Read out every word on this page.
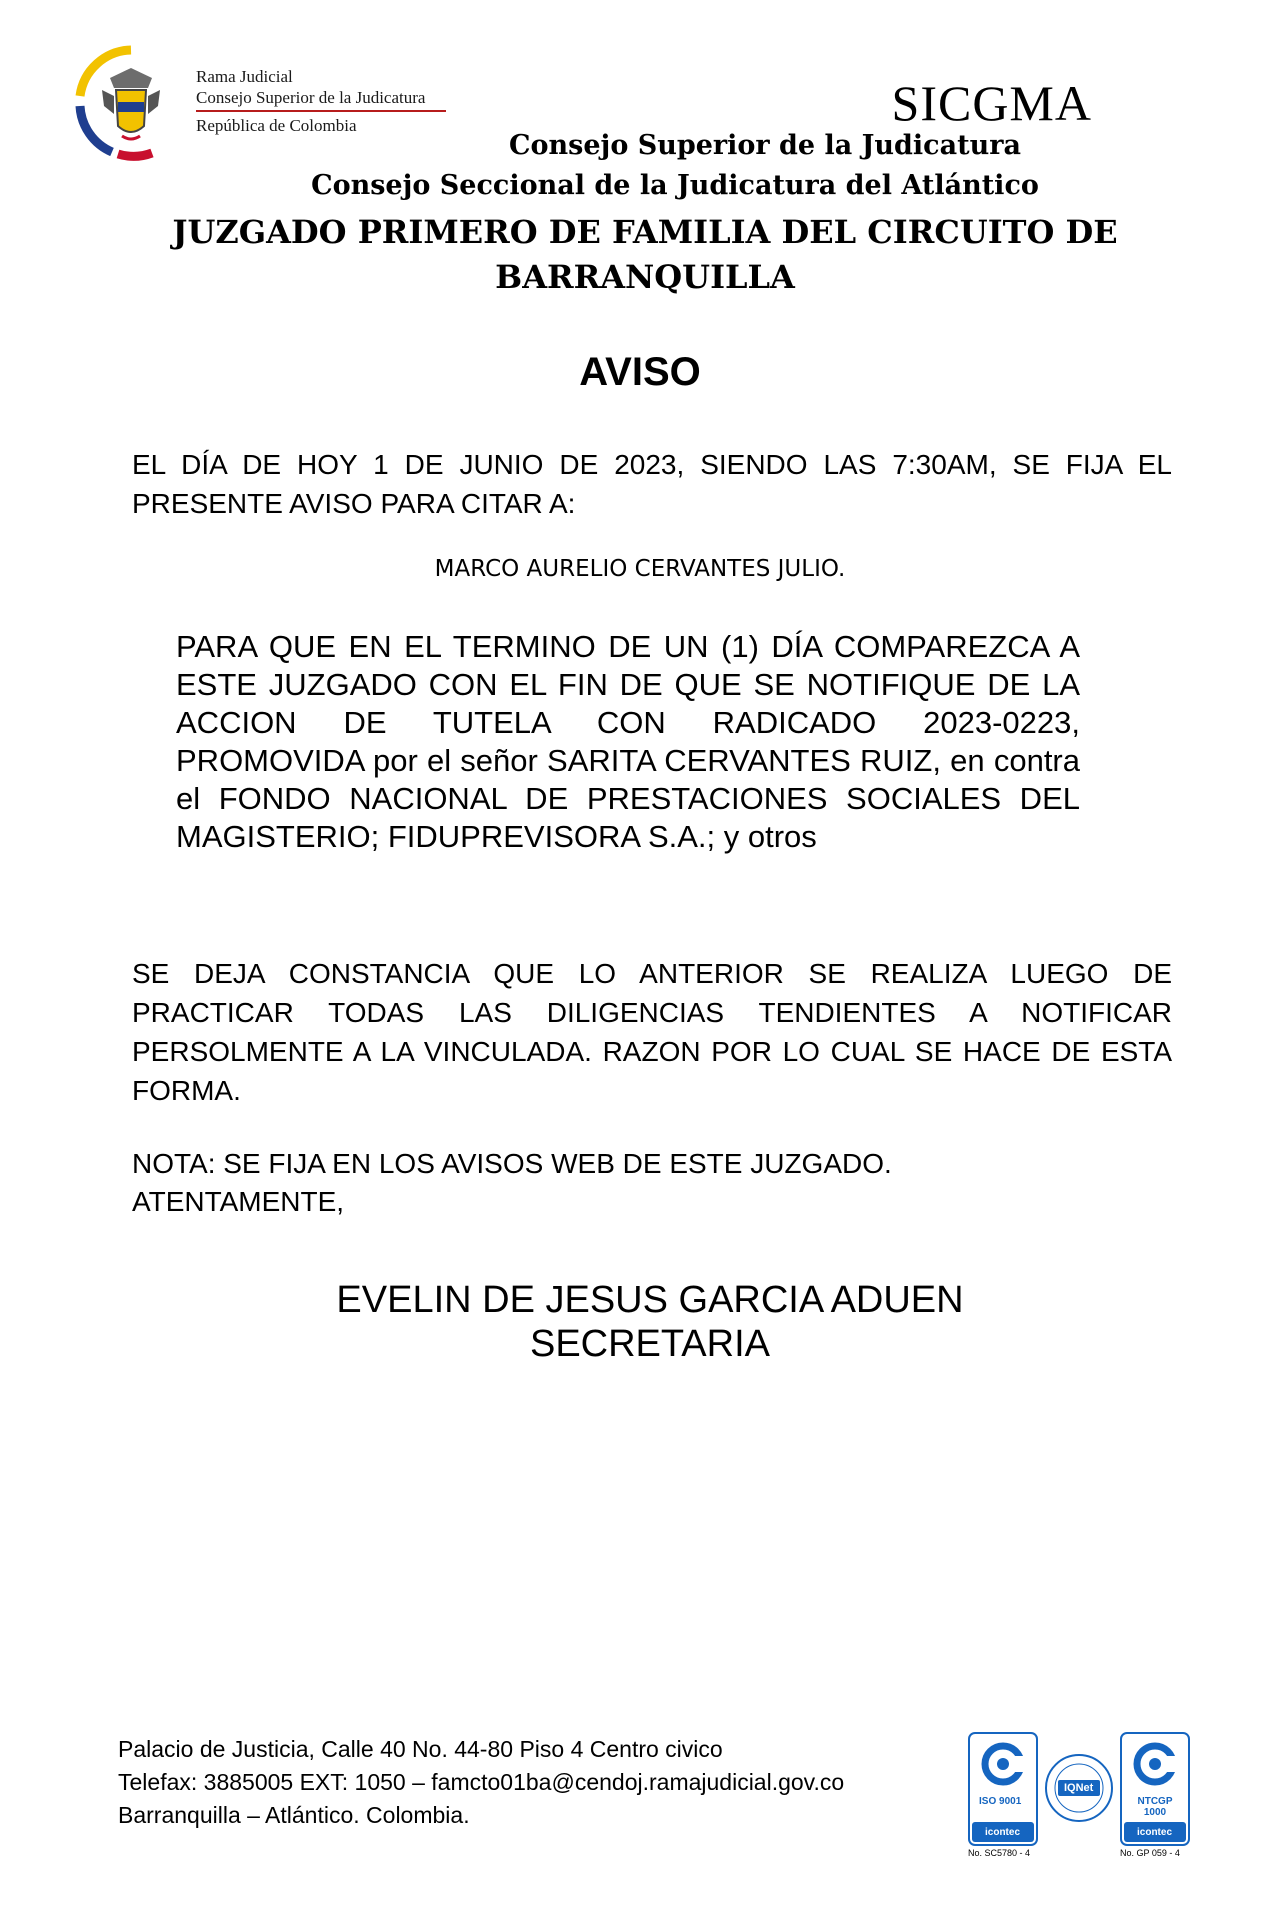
Rama Judicial
Consejo Superior de la Judicatura
República de Colombia	SICGMA
Consejo Superior de la Judicatura
Consejo Seccional de la Judicatura del Atlántico
JUZGADO PRIMERO DE FAMILIA DEL CIRCUITO DE
BARRANQUILLA
AVISO
EL DÍA DE HOY 1 DE JUNIO DE 2023, SIENDO LAS 7:30AM, SE FIJA EL PRESENTE AVISO PARA CITAR A:
MARCO AURELIO CERVANTES JULIO.
PARA QUE EN EL TERMINO DE UN (1) DÍA COMPAREZCA A ESTE JUZGADO CON EL FIN DE QUE SE NOTIFIQUE DE LA ACCION DE TUTELA CON RADICADO 2023-0223, PROMOVIDA por el señor SARITA CERVANTES RUIZ, en contra el FONDO NACIONAL DE PRESTACIONES SOCIALES DEL MAGISTERIO; FIDUPREVISORA S.A.; y otros
SE DEJA CONSTANCIA QUE LO ANTERIOR SE REALIZA LUEGO DE PRACTICAR TODAS LAS DILIGENCIAS TENDIENTES A NOTIFICAR PERSOLMENTE A LA VINCULADA. RAZON POR LO CUAL SE HACE DE ESTA FORMA.
NOTA: SE FIJA EN LOS AVISOS WEB DE ESTE JUZGADO.
ATENTAMENTE,
EVELIN DE JESUS GARCIA ADUEN
SECRETARIA
Palacio de Justicia, Calle 40 No. 44-80 Piso 4 Centro civico
Telefax: 3885005 EXT: 1050 – famcto01ba@cendoj.ramajudicial.gov.co
Barranquilla – Atlántico. Colombia.
ISO 9001
icontec
No. SC5780 - 4
IQNet
NTCGP 1000
icontec
No. GP 059 - 4
